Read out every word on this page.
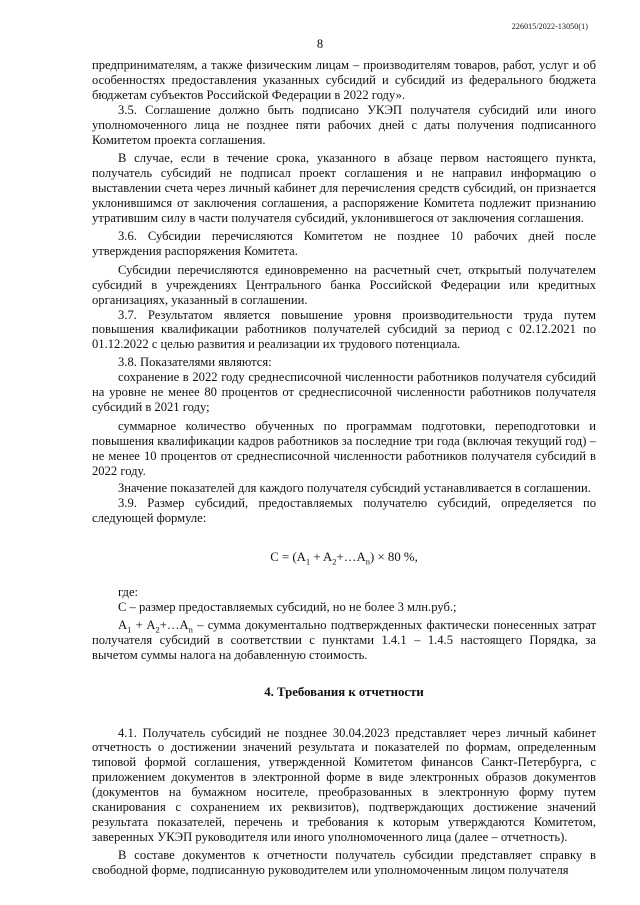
226015/2022-13050(1)
8

предпринимателям, а также физическим лицам – производителям товаров, работ, услуг и об особенностях предоставления указанных субсидий и субсидий из федерального бюджета бюджетам субъектов Российской Федерации в 2022 году».

3.5. Соглашение должно быть подписано УКЭП получателя субсидий или иного уполномоченного лица не позднее пяти рабочих дней с даты получения подписанного Комитетом проекта соглашения.

В случае, если в течение срока, указанного в абзаце первом настоящего пункта, получатель субсидий не подписал проект соглашения и не направил информацию о выставлении счета через личный кабинет для перечисления средств субсидий, он признается уклонившимся от заключения соглашения, а распоряжение Комитета подлежит признанию утратившим силу в части получателя субсидий, уклонившегося от заключения соглашения.

3.6. Субсидии перечисляются Комитетом не позднее 10 рабочих дней после утверждения распоряжения Комитета.

Субсидии перечисляются единовременно на расчетный счет, открытый получателем субсидий в учреждениях Центрального банка Российской Федерации или кредитных организациях, указанный в соглашении.

3.7. Результатом является повышение уровня производительности труда путем повышения квалификации работников получателей субсидий за период с 02.12.2021 по 01.12.2022 с целью развития и реализации их трудового потенциала.

3.8. Показателями являются:

сохранение в 2022 году среднесписочной численности работников получателя субсидий на уровне не менее 80 процентов от среднесписочной численности работников получателя субсидий в 2021 году;

суммарное количество обученных по программам подготовки, переподготовки и повышения квалификации кадров работников за последние три года (включая текущий год) – не менее 10 процентов от среднесписочной численности работников получателя субсидий в 2022 году.

Значение показателей для каждого получателя субсидий устанавливается в соглашении.

3.9. Размер субсидий, предоставляемых получателю субсидий, определяется по следующей формуле:

$C = (A_1$ + $A_2+\dots A_n) \times 80$ %,

где:

С – размер предоставляемых субсидий, но не более 3 млн.руб.;

$A_1$ + $A_2+\dots A_n$ – сумма документально подтвержденных фактически понесенных затрат получателя субсидий в соответствии с пунктами 1.4.1 – 1.4.5 настоящего Порядка, за вычетом суммы налога на добавленную стоимость.

4. Требования к отчетности

4.1. Получатель субсидий не позднее 30.04.2023 представляет через личный кабинет отчетность о достижении значений результата и показателей по формам, определенным типовой формой соглашения, утвержденной Комитетом финансов Санкт-Петербурга, с приложением документов в электронной форме в виде электронных образов документов (документов на бумажном носителе, преобразованных в электронную форму путем сканирования с сохранением их реквизитов), подтверждающих достижение значений результата показателей, перечень и требования к которым утверждаются Комитетом, заверенных УКЭП руководителя или иного уполномоченного лица (далее – отчетность).

В составе документов к отчетности получатель субсидии представляет справку в свободной форме, подписанную руководителем или уполномоченным лицом получателя
